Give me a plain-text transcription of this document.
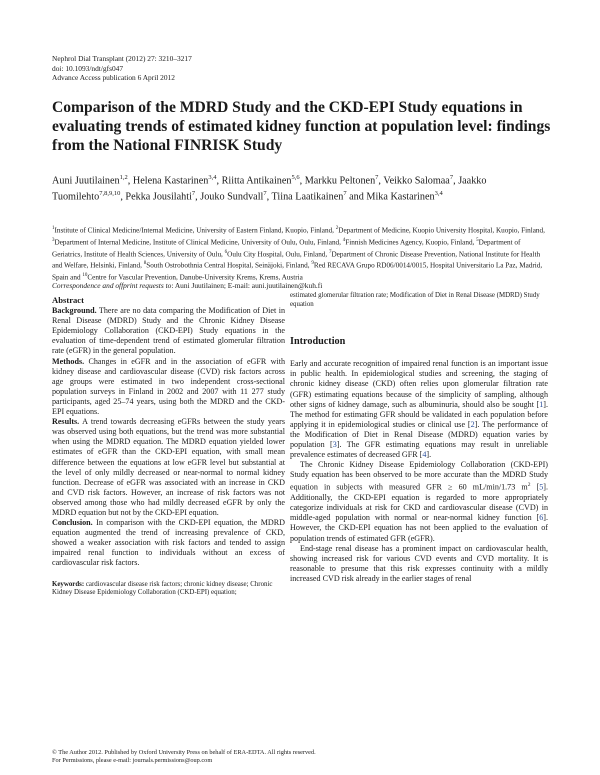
Nephrol Dial Transplant (2012) 27: 3210–3217
doi: 10.1093/ndt/gfs047
Advance Access publication 6 April 2012
Comparison of the MDRD Study and the CKD-EPI Study equations in evaluating trends of estimated kidney function at population level: findings from the National FINRISK Study
Auni Juutilainen$^{1,2}$, Helena Kastarinen$^{3,4}$, Riitta Antikainen$^{5,6}$, Markku Peltonen$^7$, Veikko Salomaa$^7$, Jaakko Tuomilehto$^{7,8,9,10}$, Pekka Jousilahti$^7$, Jouko Sundvall$^7$, Tiina Laatikainen$^7$ and Mika Kastarinen$^{3,4}$
$^1$Institute of Clinical Medicine/Internal Medicine, University of Eastern Finland, Kuopio, Finland, $^2$Department of Medicine, Kuopio University Hospital, Kuopio, Finland, $^3$Department of Internal Medicine, Institute of Clinical Medicine, University of Oulu, Oulu, Finland, $^4$Finnish Medicines Agency, Kuopio, Finland, $^5$Department of Geriatrics, Institute of Health Sciences, University of Oulu, $^6$Oulu City Hospital, Oulu, Finland, $^7$Department of Chronic Disease Prevention, National Institute for Health and Welfare, Helsinki, Finland, $^8$South Ostrobothnia Central Hospital, Seinäjoki, Finland, $^9$Red RECAVA Grupo RD06/0014/0015, Hospital Universitario La Paz, Madrid, Spain and $^{10}$Centre for Vascular Prevention, Danube-University Krems, Krems, Austria
Correspondence and offprint requests to: Auni Juutilainen; E-mail: auni.juutilainen@kuh.fi
Abstract

Background. There are no data comparing the Modification of Diet in Renal Disease (MDRD) Study and the Chronic Kidney Disease Epidemiology Collaboration (CKD-EPI) Study equations in the evaluation of time-dependent trend of estimated glomerular filtration rate (eGFR) in the general population.

Methods. Changes in eGFR and in the association of eGFR with kidney disease and cardiovascular disease (CVD) risk factors across age groups were estimated in two independent cross-sectional population surveys in Finland in 2002 and 2007 with 11 277 study participants, aged 25–74 years, using both the MDRD and the CKD-EPI equations.

Results. A trend towards decreasing eGFRs between the study years was observed using both equations, but the trend was more substantial when using the MDRD equation. The MDRD equation yielded lower estimates of eGFR than the CKD-EPI equation, with small mean difference between the equations at low eGFR level but substantial at the level of only mildly decreased or near-normal to normal kidney function. Decrease of eGFR was associated with an increase in CKD and CVD risk factors. However, an increase of risk factors was not observed among those who had mildly decreased eGFR by only the MDRD equation but not by the CKD-EPI equation.

Conclusion. In comparison with the CKD-EPI equation, the MDRD equation augmented the trend of increasing prevalence of CKD, showed a weaker association with risk factors and tended to assign impaired renal function to individuals without an excess of cardiovascular risk factors.

Keywords: cardiovascular disease risk factors; chronic kidney disease; Chronic Kidney Disease Epidemiology Collaboration (CKD-EPI) equation;

estimated glomerular filtration rate; Modification of Diet in Renal Disease (MDRD) Study equation

Introduction

Early and accurate recognition of impaired renal function is an important issue in public health. In epidemiological studies and screening, the staging of chronic kidney disease (CKD) often relies upon glomerular filtration rate (GFR) estimating equations because of the simplicity of sampling, although other signs of kidney damage, such as albuminuria, should also be sought [1]. The method for estimating GFR should be validated in each population before applying it in epidemiological studies or clinical use [2]. The performance of the Modification of Diet in Renal Disease (MDRD) equation varies by population [3]. The GFR estimating equations may result in unreliable prevalence estimates of decreased GFR [4].

The Chronic Kidney Disease Epidemiology Collaboration (CKD-EPI) Study equation has been observed to be more accurate than the MDRD Study equation in subjects with measured GFR ≥ 60 mL/min/1.73 $m^2$ [5]. Additionally, the CKD-EPI equation is regarded to more appropriately categorize individuals at risk for CKD and cardiovascular disease (CVD) in middle-aged population with normal or near-normal kidney function [6]. However, the CKD-EPI equation has not been applied to the evaluation of population trends of estimated GFR (eGFR).

End-stage renal disease has a prominent impact on cardiovascular health, showing increased risk for various CVD events and CVD mortality. It is reasonable to presume that this risk expresses continuity with a mildly increased CVD risk already in the earlier stages of renal

© The Author 2012. Published by Oxford University Press on behalf of ERA-EDTA. All rights reserved.
For Permissions, please e-mail: journals.permissions@oup.com
